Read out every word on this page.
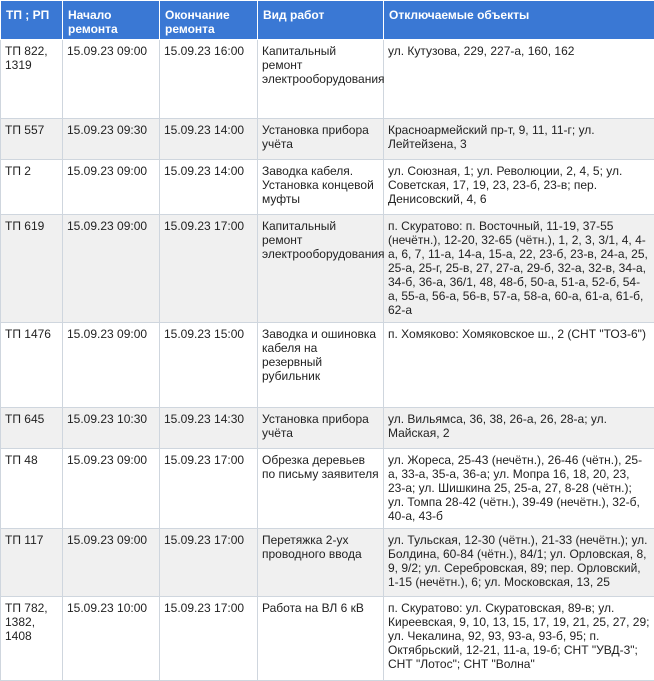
ТП ; РП	Начало ремонта	Окончание ремонта	Вид работ	Отключаемые объекты
ТП 822, 1319	15.09.23 09:00	15.09.23 16:00	Капитальный ремонт электрооборудования	ул. Кутузова, 229, 227-а, 160, 162
ТП 557	15.09.23 09:30	15.09.23 14:00	Установка прибора учёта	Красноармейский пр-т, 9, 11, 11-г; ул. Лейтейзена, 3
ТП 2	15.09.23 09:00	15.09.23 14:00	Заводка кабеля. Установка концевой муфты	ул. Союзная, 1; ул. Революции, 2, 4, 5; ул. Советская, 17, 19, 23, 23-б, 23-в; пер. Денисовский, 4, 6
ТП 619	15.09.23 09:00	15.09.23 17:00	Капитальный ремонт электрооборудования	п. Скуратово: п. Восточный, 11-19, 37-55 (нечётн.), 12-20, 32-65 (чётн.), 1, 2, 3, 3/1, 4, 4-а, 6, 7, 11-а, 14-а, 15-а, 22, 23-б, 23-в, 24-а, 25, 25-а, 25-г, 25-в, 27, 27-а, 29-б, 32-а, 32-в, 34-а, 34-б, 36-а, 36/1, 48, 48-б, 50-а, 51-а, 52-б, 54-а, 55-а, 56-а, 56-в, 57-а, 58-а, 60-а, 61-а, 61-б, 62-а
ТП 1476	15.09.23 09:00	15.09.23 15:00	Заводка и ошиновка кабеля на резервный рубильник	п. Хомяково: Хомяковское ш., 2 (СНТ "ТОЗ-6")
ТП 645	15.09.23 10:30	15.09.23 14:30	Установка прибора учёта	ул. Вильямса, 36, 38, 26-а, 26, 28-а; ул. Майская, 2
ТП 48	15.09.23 09:00	15.09.23 17:00	Обрезка деревьев по письму заявителя	ул. Жореса, 25-43 (нечётн.), 26-46 (чётн.), 25-а, 33-а, 35-а, 36-а; ул. Мопра 16, 18, 20, 23, 23-а; ул. Шишкина 25, 25-а, 27, 8-28 (чётн.); ул. Томпа 28-42 (чётн.), 39-49 (нечётн.), 32-б, 40-а, 43-б
ТП 117	15.09.23 09:00	15.09.23 17:00	Перетяжка 2-ух проводного ввода	ул. Тульская, 12-30 (чётн.), 21-33 (нечётн.); ул. Болдина, 60-84 (чётн.), 84/1; ул. Орловская, 8, 9, 9/2; ул. Серебровская, 89; пер. Орловский, 1-15 (нечётн.), 6; ул. Московская, 13, 25
ТП 782, 1382, 1408	15.09.23 10:00	15.09.23 17:00	Работа на ВЛ 6 кВ	п. Скуратово: ул. Скуратовская, 89-в; ул. Киреевская, 9, 10, 13, 15, 17, 19, 21, 25, 27, 29; ул. Чекалина, 92, 93, 93-а, 93-б, 95; п. Октябрьский, 12-21, 11-а, 19-б; СНТ "УВД-3"; СНТ "Лотос"; СНТ "Волна"
